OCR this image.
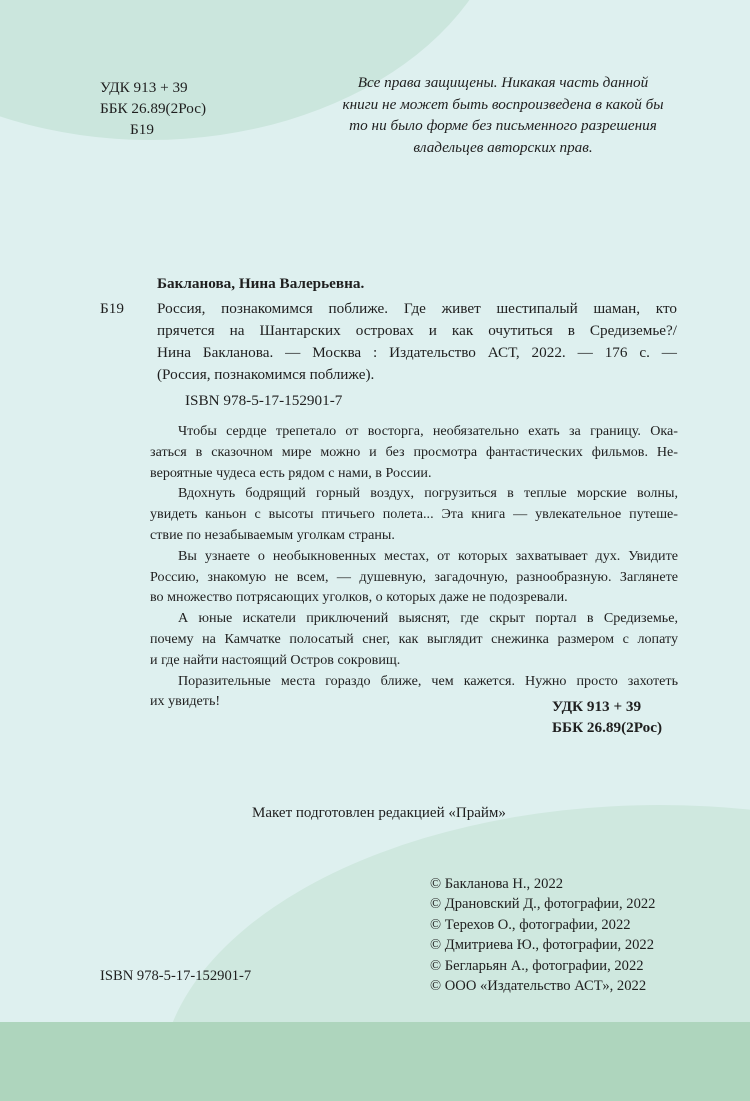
УДК 913 + 39
ББК 26.89(2Рос)
Б19
Все права защищены. Никакая часть данной
книги не может быть воспроизведена в какой бы
то ни было форме без письменного разрешения
владельцев авторских прав.
Бакланова, Нина Валерьевна.
Б19 Россия, познакомимся поближе. Где живет шестипалый шаман, кто
прячется на Шантарских островах и как очутиться в Средиземье?/
Нина Бакланова. — Москва : Издательство АСТ, 2022. — 176 с. —
(Россия, познакомимся поближе).
ISBN 978-5-17-152901-7

Чтобы сердце трепетало от восторга, необязательно ехать за границу. Ока-
заться в сказочном мире можно и без просмотра фантастических фильмов. Не-
вероятные чудеса есть рядом с нами, в России.

Вдохнуть бодрящий горный воздух, погрузиться в теплые морские волны,
увидеть каньон с высоты птичьего полета... Эта книга — увлекательное путеше-
ствие по незабываемым уголкам страны.

Вы узнаете о необыкновенных местах, от которых захватывает дух. Увидите
Россию, знакомую не всем, — душевную, загадочную, разнообразную. Заглянете
во множество потрясающих уголков, о которых даже не подозревали.

А юные искатели приключений выяснят, где скрыт портал в Средиземье,
почему на Камчатке полосатый снег, как выглядит снежинка размером с лопату
и где найти настоящий Остров сокровищ.

Поразительные места гораздо ближе, чем кажется. Нужно просто захотеть
их увидеть!	УДК 913 + 39
ББК 26.89(2Рос)
Макет подготовлен редакцией «Прайм»
© Бакланова Н., 2022
© Драновский Д., фотографии, 2022
© Терехов О., фотографии, 2022
© Дмитриева Ю., фотографии, 2022
© Бегларьян А., фотографии, 2022
© ООО «Издательство АСТ», 2022
ISBN 978-5-17-152901-7
